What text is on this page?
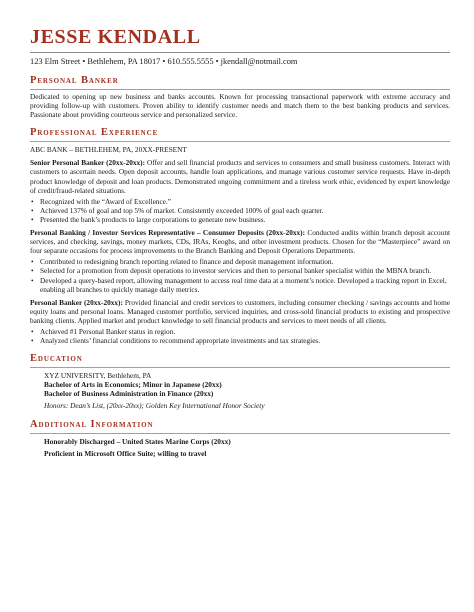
JESSE KENDALL

123 Elm Street • Bethlehem, PA 18017 • 610.555.5555 • jkendall@notmail.com

Personal Banker

Dedicated to opening up new business and banks accounts. Known for processing transactional paperwork with extreme accuracy and providing follow-up with customers. Proven ability to identify customer needs and match them to the best banking products and services. Passionate about providing courteous service and personalized service.

Professional Experience

ABC BANK – BETHLEHEM, PA, 20XX-PRESENT

Senior Personal Banker (20xx-20xx): Offer and sell financial products and services to consumers and small business customers. Interact with customers to ascertain needs. Open deposit accounts, handle loan applications, and manage various customer service requests. Have in-depth product knowledge of deposit and loan products. Demonstrated ongoing commitment and a tireless work ethic, evidenced by expert knowledge of credit/fraud-related situations.

• Recognized with the “Award of Excellence.”
• Achieved 137% of goal and top 5% of market. Consistently exceeded 100% of goal each quarter.
• Presented the bank’s products to large corporations to generate new business.

Personal Banking / Investor Services Representative – Consumer Deposits (20xx-20xx): Conducted audits within branch deposit account services, and checking, savings, money markets, CDs, IRAs, Keoghs, and other investment products. Chosen for the “Masterpiece” award on four separate occasions for process improvements to the Branch Banking and Deposit Operations Departments.

• Contributed to redesigning branch reporting related to finance and deposit management information.
• Selected for a promotion from deposit operations to investor services and then to personal banker specialist within the MBNA branch.
• Developed a query-based report, allowing management to access real time data at a moment’s notice. Developed a tracking report in Excel, enabling all branches to quickly manage daily metrics.

Personal Banker (20xx-20xx): Provided financial and credit services to customers, including consumer checking / savings accounts and home equity loans and personal loans. Managed customer portfolio, serviced inquiries, and cross-sold financial products to existing and prospective banking clients. Applied market and product knowledge to sell financial products and services to meet needs of all clients.

• Achieved #1 Personal Banker status in region.
• Analyzed clients’ financial conditions to recommend appropriate investments and tax strategies.
Education

XYZ UNIVERSITY, Bethlehem, PA

Bachelor of Arts in Economics; Minor in Japanese (20xx)

Bachelor of Business Administration in Finance (20xx)

Honors: Dean’s List, (20xx-20xx); Golden Key International Honor Society

Additional Information

Honorably Discharged – United States Marine Corps (20xx)

Proficient in Microsoft Office Suite; willing to travel
